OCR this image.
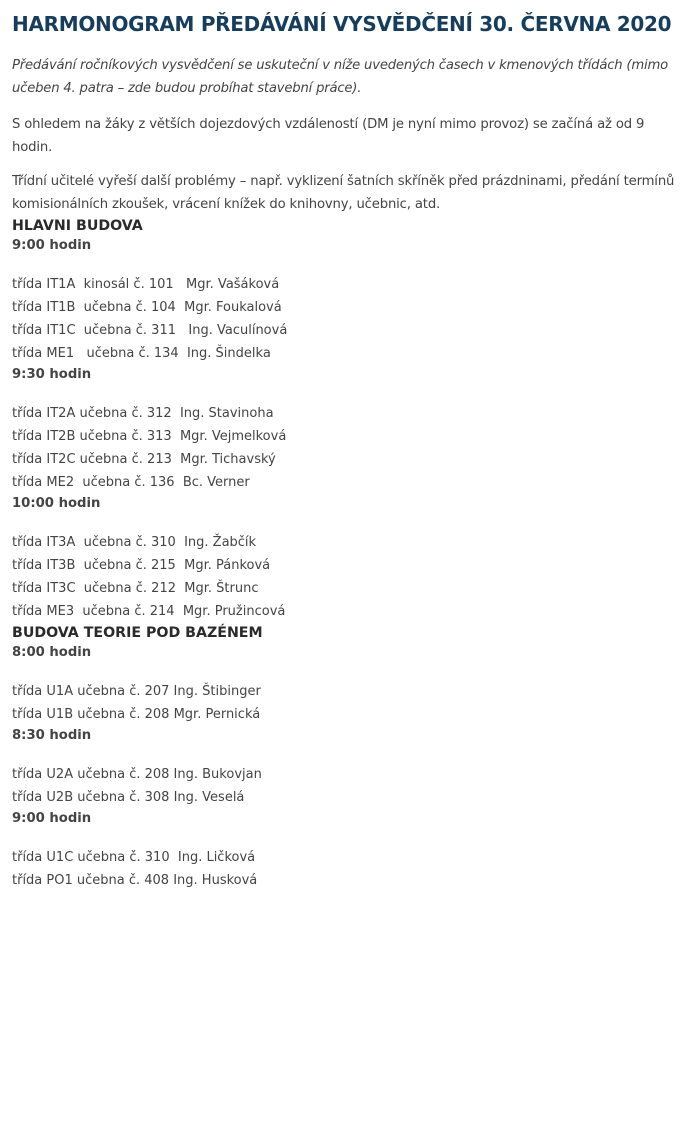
HARMONOGRAM PŘEDÁVÁNÍ VYSVĚDČENÍ 30. ČERVNA 2020

Předávání ročníkových vysvědčení se uskuteční v níže uvedených časech v kmenových třídách (mimo učeben 4. patra – zde budou probíhat stavební práce).

S ohledem na žáky z větších dojezdových vzdáleností (DM je nyní mimo provoz) se začíná až od 9 hodin.

Třídní učitelé vyřeší další problémy – např. vyklizení šatních skříněk před prázdninami, předání termínů komisionálních zkoušek, vrácení knížek do knihovny, učebnic, atd.

HLAVNI BUDOVA
9:00 hodin
třída IT1A  kinosál č. 101   Mgr. Vašáková
třída IT1B  učebna č. 104  Mgr. Foukalová
třída IT1C  učebna č. 311   Ing. Vaculínová
třída ME1   učebna č. 134  Ing. Šindelka
9:30 hodin
třída IT2A učebna č. 312  Ing. Stavinoha
třída IT2B učebna č. 313  Mgr. Vejmelková
třída IT2C učebna č. 213  Mgr. Tichavský
třída ME2  učebna č. 136  Bc. Verner
10:00 hodin
třída IT3A  učebna č. 310  Ing. Žabčík
třída IT3B  učebna č. 215  Mgr. Pánková
třída IT3C  učebna č. 212  Mgr. Štrunc
třída ME3  učebna č. 214  Mgr. Pružincová
BUDOVA TEORIE POD BAZÉNEM
8:00 hodin
třída U1A učebna č. 207 Ing. Štibinger
třída U1B učebna č. 208 Mgr. Pernická
8:30 hodin
třída U2A učebna č. 208 Ing. Bukovjan
třída U2B učebna č. 308 Ing. Veselá
9:00 hodin
třída U1C učebna č. 310  Ing. Ličková
třída PO1 učebna č. 408 Ing. Husková
